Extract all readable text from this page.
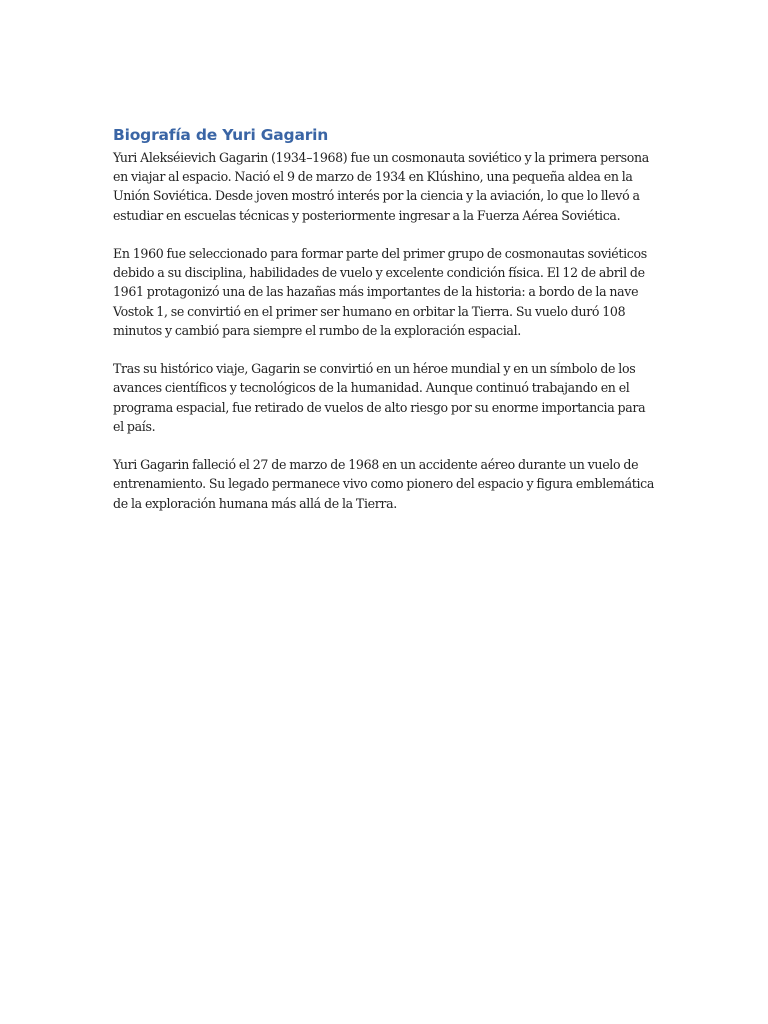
Biografía de Yuri Gagarin

Yuri Alekséievich Gagarin (1934–1968) fue un cosmonauta soviético y la primera persona en viajar al espacio. Nació el 9 de marzo de 1934 en Klúshino, una pequeña aldea en la Unión Soviética. Desde joven mostró interés por la ciencia y la aviación, lo que lo llevó a estudiar en escuelas técnicas y posteriormente ingresar a la Fuerza Aérea Soviética.

En 1960 fue seleccionado para formar parte del primer grupo de cosmonautas soviéticos debido a su disciplina, habilidades de vuelo y excelente condición física. El 12 de abril de 1961 protagonizó una de las hazañas más importantes de la historia: a bordo de la nave Vostok 1, se convirtió en el primer ser humano en orbitar la Tierra. Su vuelo duró 108 minutos y cambió para siempre el rumbo de la exploración espacial.

Tras su histórico viaje, Gagarin se convirtió en un héroe mundial y en un símbolo de los avances científicos y tecnológicos de la humanidad. Aunque continuó trabajando en el programa espacial, fue retirado de vuelos de alto riesgo por su enorme importancia para el país.

Yuri Gagarin falleció el 27 de marzo de 1968 en un accidente aéreo durante un vuelo de entrenamiento. Su legado permanece vivo como pionero del espacio y figura emblemática de la exploración humana más allá de la Tierra.
